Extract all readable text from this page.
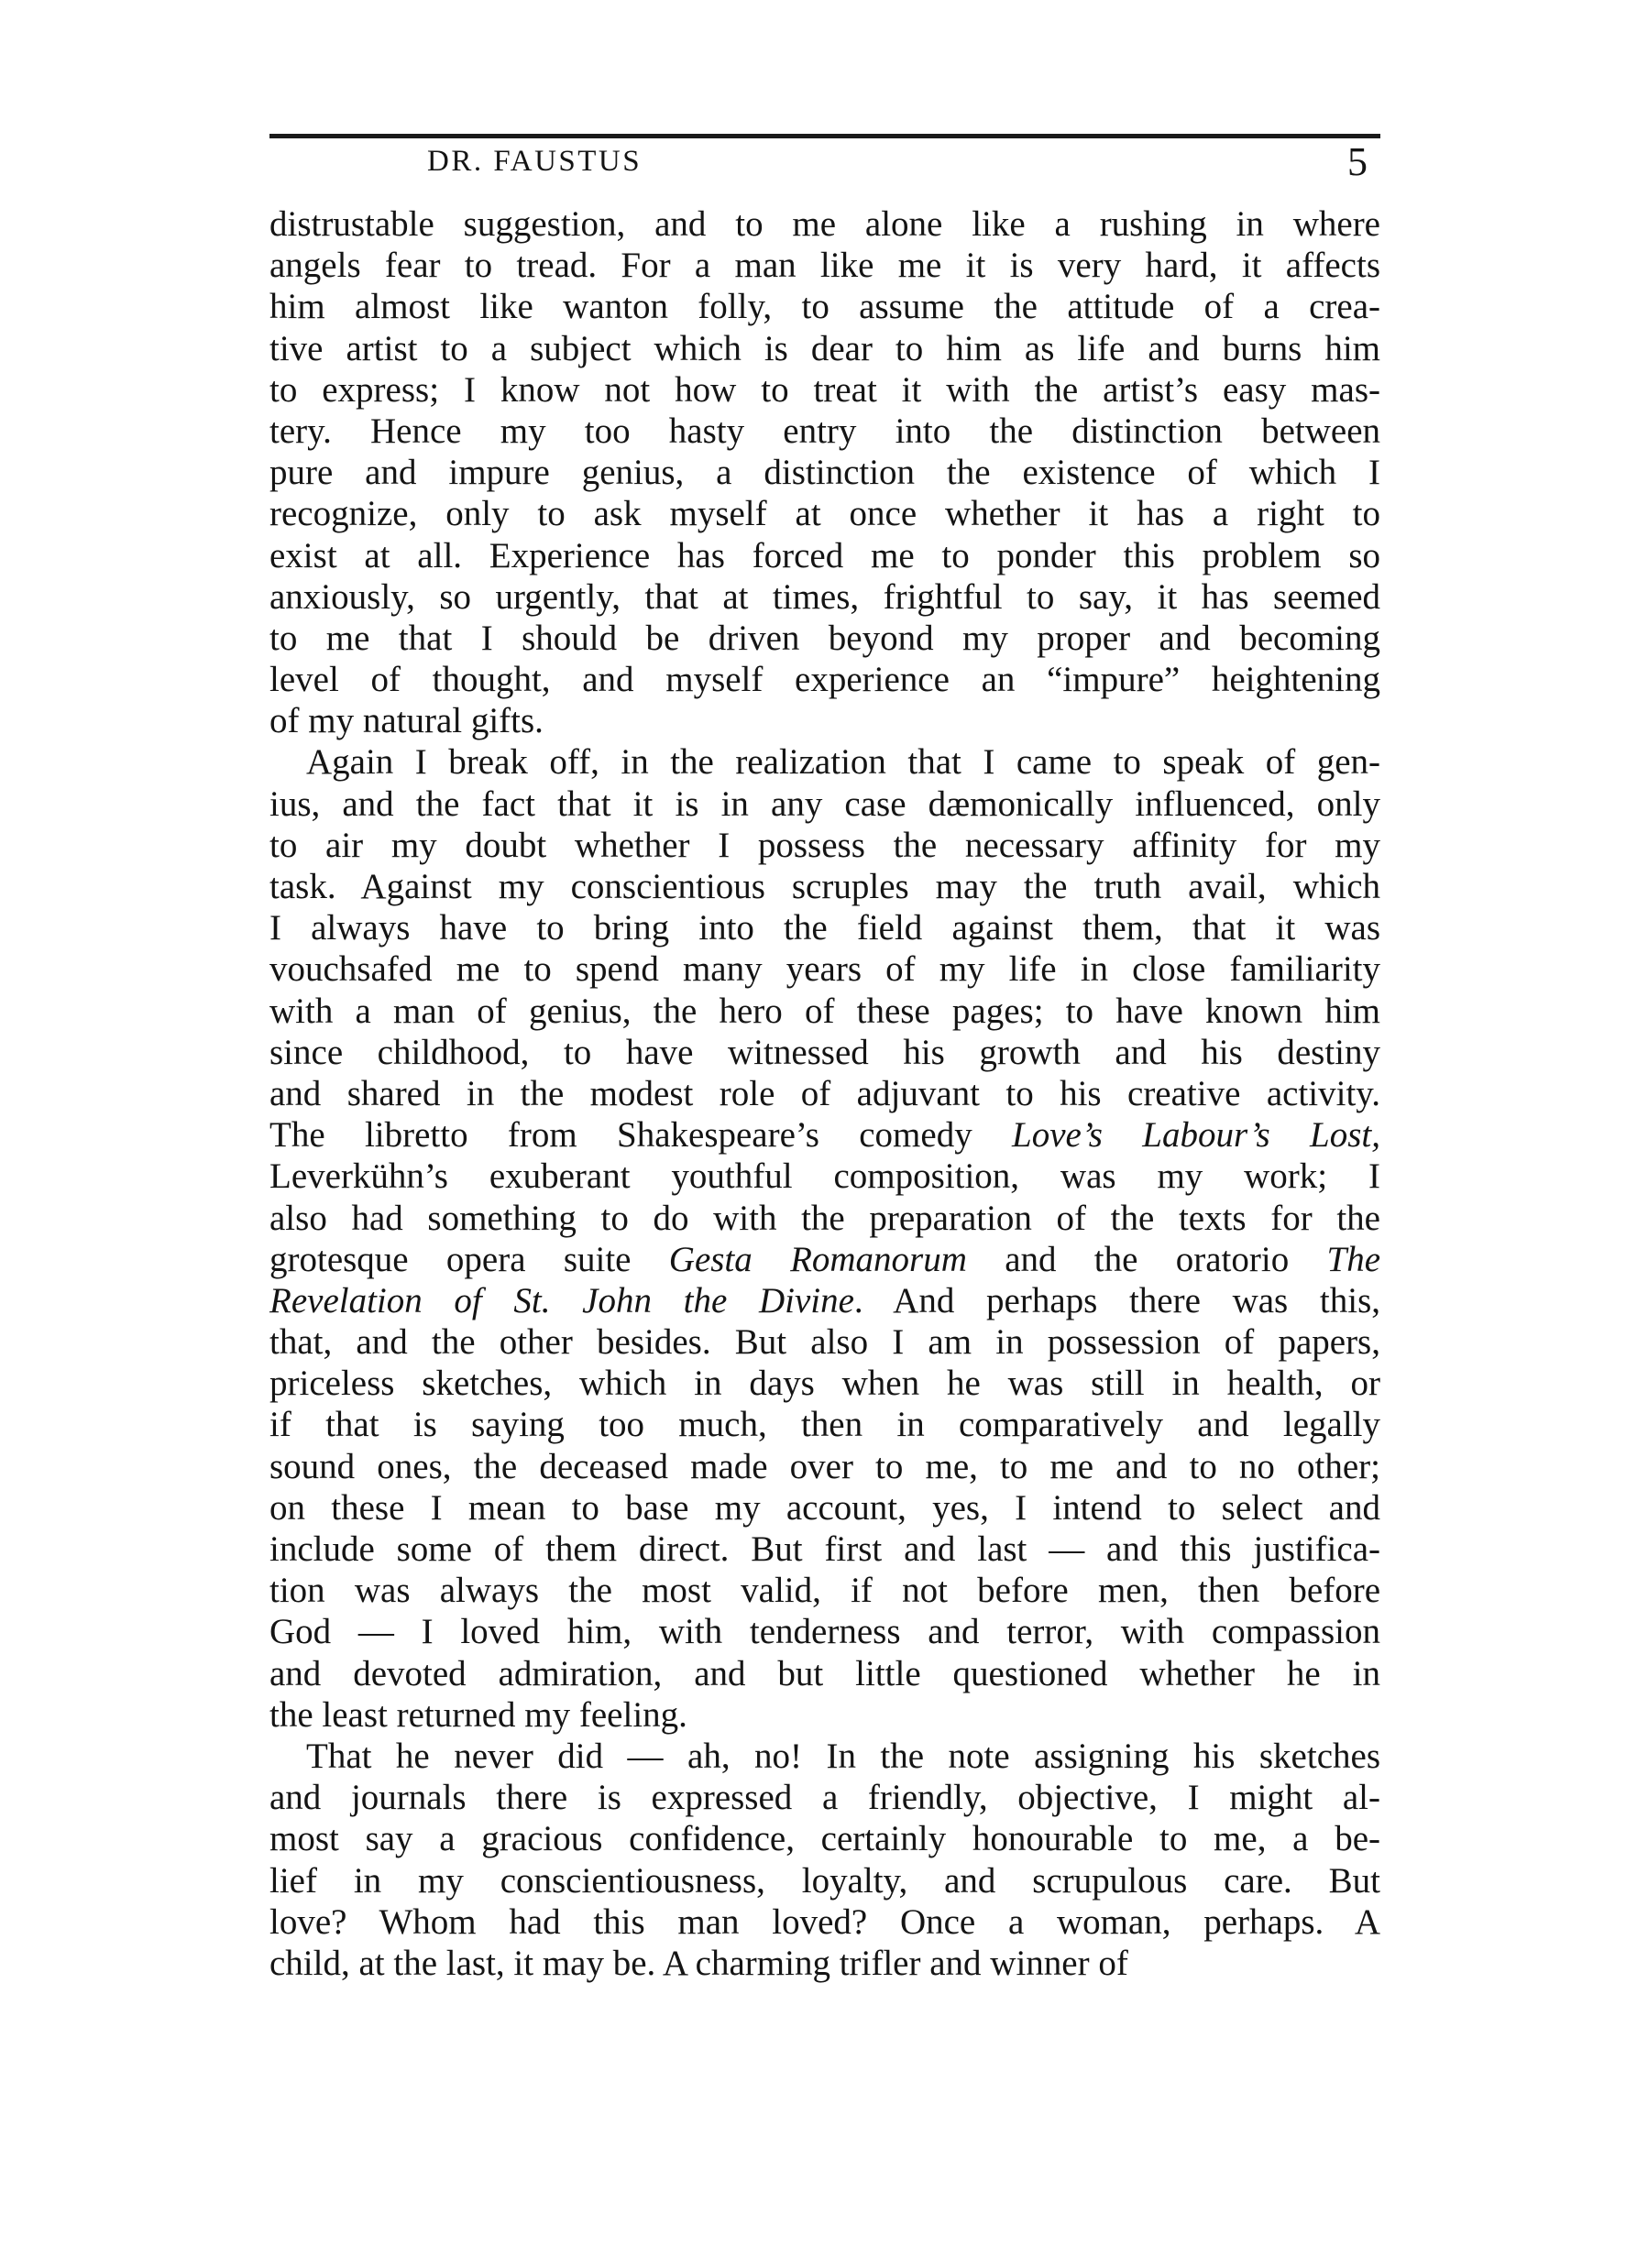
DR. FAUSTUS	5
distrustable suggestion, and to me alone like a rushing in where
angels fear to tread. For a man like me it is very hard, it affects
him almost like wanton folly, to assume the attitude of a crea-
tive artist to a subject which is dear to him as life and burns him
to express; I know not how to treat it with the artist’s easy mas-
tery. Hence my too hasty entry into the distinction between
pure and impure genius, a distinction the existence of which I
recognize, only to ask myself at once whether it has a right to
exist at all. Experience has forced me to ponder this problem so
anxiously, so urgently, that at times, frightful to say, it has seemed
to me that I should be driven beyond my proper and becoming
level of thought, and myself experience an “impure” heightening
of my natural gifts.
Again I break off, in the realization that I came to speak of gen-
ius, and the fact that it is in any case dæmonically influenced, only
to air my doubt whether I possess the necessary affinity for my
task. Against my conscientious scruples may the truth avail, which
I always have to bring into the field against them, that it was
vouchsafed me to spend many years of my life in close familiarity
with a man of genius, the hero of these pages; to have known him
since childhood, to have witnessed his growth and his destiny
and shared in the modest role of adjuvant to his creative activity.
The libretto from Shakespeare’s comedy Love’s Labour’s Lost,
Leverkühn’s exuberant youthful composition, was my work; I
also had something to do with the preparation of the texts for the
grotesque opera suite Gesta Romanorum and the oratorio The
Revelation of St. John the Divine. And perhaps there was this,
that, and the other besides. But also I am in possession of papers,
priceless sketches, which in days when he was still in health, or
if that is saying too much, then in comparatively and legally
sound ones, the deceased made over to me, to me and to no other;
on these I mean to base my account, yes, I intend to select and
include some of them direct. But first and last — and this justifica-
tion was always the most valid, if not before men, then before
God — I loved him, with tenderness and terror, with compassion
and devoted admiration, and but little questioned whether he in
the least returned my feeling.
That he never did — ah, no! In the note assigning his sketches
and journals there is expressed a friendly, objective, I might al-
most say a gracious confidence, certainly honourable to me, a be-
lief in my conscientiousness, loyalty, and scrupulous care. But
love? Whom had this man loved? Once a woman, perhaps. A
child, at the last, it may be. A charming trifler and winner of
